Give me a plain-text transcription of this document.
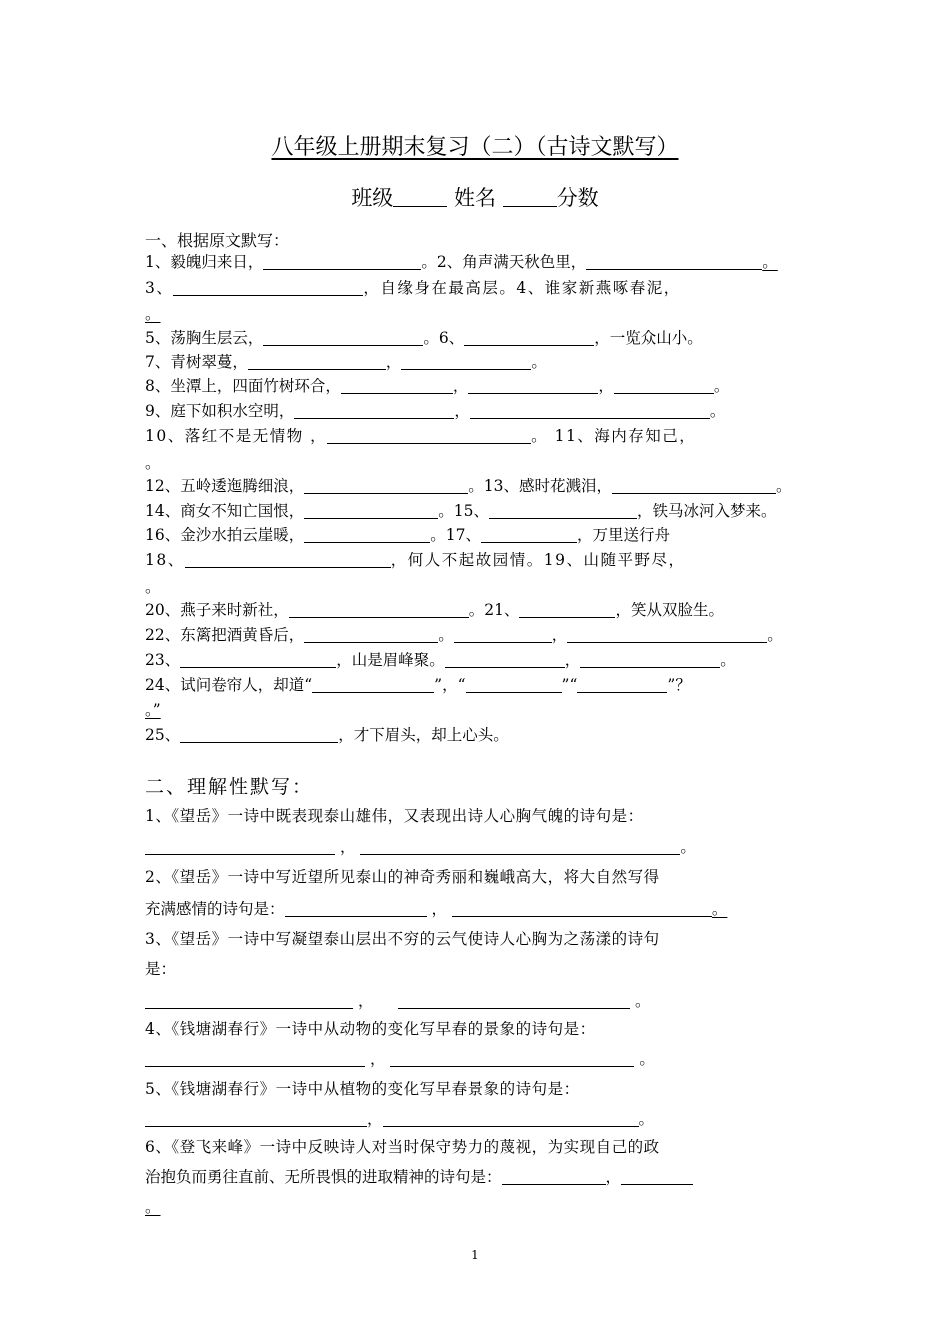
八年级上册期末复习（二）（古诗文默写）
班级	姓名	分数
一、根据原文默写：
1、毅魄归来日，	。2、角声满天秋色里，	。
3、	，自缘身在最高层。4、谁家新燕啄春泥，
。
5、荡胸生层云，	。6、	，一览众山小。
7、青树翠蔓，	，	。
8、坐潭上，四面竹树环合，	，	，	。
9、庭下如积水空明，	，	。
10、落红不是无情物 ，	。 11、海内存知己，
。
12、五岭逶迤腾细浪，	。13、感时花溅泪，	。
14、商女不知亡国恨，	。15、	，铁马冰河入梦来。
16、金沙水拍云崖暖，	。17、	，万里送行舟
18、	，何人不起故园情。19、山随平野尽，
。
20、燕子来时新社，	。21、	，笑从双脸生。
22、东篱把酒黄昏后，	。	，	。
23、	，山是眉峰聚。	，	。
24、试问卷帘人，却道“	”，“	”“	”？
。”
25、	，才下眉头，却上心头。
二、理解性默写：
1、《望岳》一诗中既表现泰山雄伟，又表现出诗人心胸气魄的诗句是：
，	。
2、《望岳》一诗中写近望所见泰山的神奇秀丽和巍峨高大，将大自然写得
充满感情的诗句是：	，	。
3、《望岳》一诗中写凝望泰山层出不穷的云气使诗人心胸为之荡漾的诗句
是：
，	。
4、《钱塘湖春行》一诗中从动物的变化写早春的景象的诗句是：
，	。
5、《钱塘湖春行》一诗中从植物的变化写早春景象的诗句是：
，	。
6、《登飞来峰》一诗中反映诗人对当时保守势力的蔑视，为实现自己的政
治抱负而勇往直前、无所畏惧的进取精神的诗句是：	，
。
1
